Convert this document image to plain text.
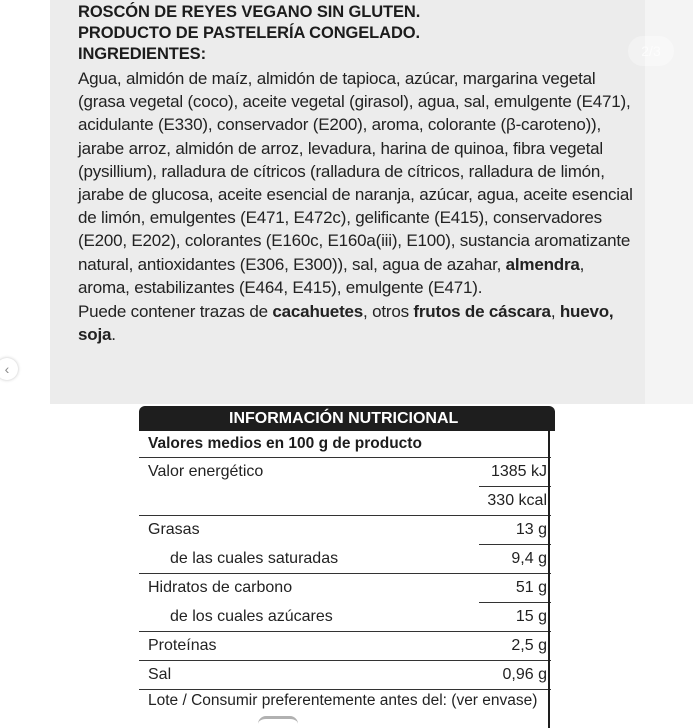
2/3
‹
ROSCÓN DE REYES VEGANO SIN GLUTEN.
PRODUCTO DE PASTELERÍA CONGELADO.
INGREDIENTES:
Agua, almidón de maíz, almidón de tapioca, azúcar, margarina vegetal (grasa vegetal (coco), aceite vegetal (girasol), agua, sal, emulgente (E471), acidulante (E330), conservador (E200), aroma, colorante (β-caroteno)), jarabe arroz, almidón de arroz, levadura, harina de quinoa, fibra vegetal (pysillium), ralladura de cítricos (ralladura de cítricos, ralladura de limón, jarabe de glucosa, aceite esencial de naranja, azúcar, agua, aceite esencial de limón, emulgentes (E471, E472c), gelificante (E415), conservadores (E200, E202), colorantes (E160c, E160a(iii), E100), sustancia aromatizante natural, antioxidantes (E306, E300)), sal, agua de azahar, almendra, aroma, estabilizantes (E464, E415), emulgente (E471).
Puede contener trazas de cacahuetes, otros frutos de cáscara, huevo, soja.
INFORMACIÓN NUTRICIONAL
Valores medios en 100 g de producto
Valor energético	1385 kJ
330 kcal
Grasas	13 g
de las cuales saturadas	9,4 g
Hidratos de carbono	51 g
de los cuales azúcares	15 g
Proteínas	2,5 g
Sal	0,96 g
Lote / Consumir preferentemente antes del: (ver envase)
